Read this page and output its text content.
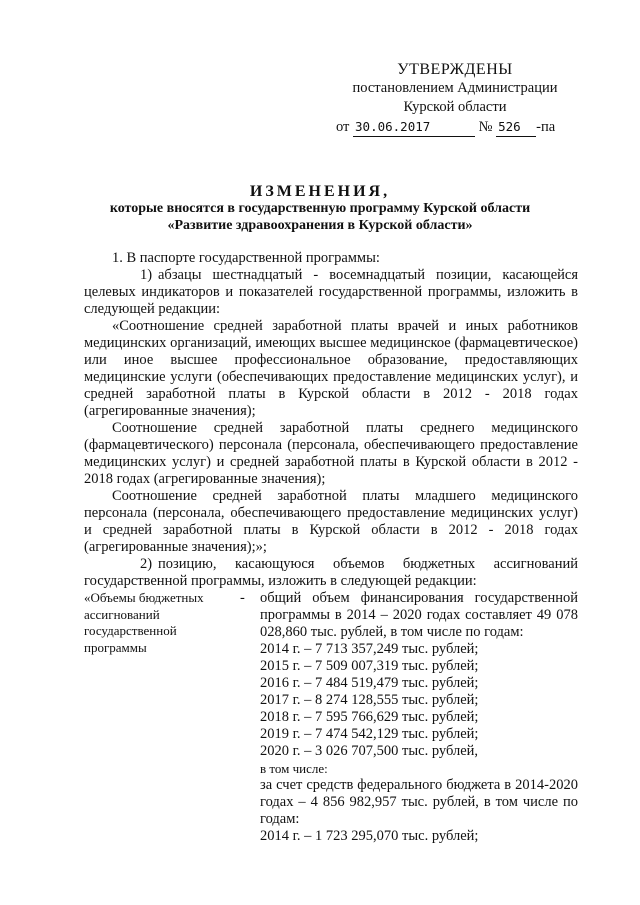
УТВЕРЖДЕНЫ
постановлением Администрации
Курской области
от 30.06.2017	№ 526 -па
ИЗМЕНЕНИЯ,
которые вносятся в государственную программу Курской области
«Развитие здравоохранения в Курской области»

1. В паспорте государственной программы:

1) абзацы шестнадцатый - восемнадцатый позиции, касающейся целевых индикаторов и показателей государственной программы, изложить в следующей редакции:

«Соотношение средней заработной платы врачей и иных работников медицинских организаций, имеющих высшее медицинское (фармацевтическое) или иное высшее профессиональное образование, предоставляющих медицинские услуги (обеспечивающих предоставление медицинских услуг), и средней заработной платы в Курской области в 2012 - 2018 годах (агрегированные значения);

Соотношение средней заработной платы среднего медицинского (фармацевтического) персонала (персонала, обеспечивающего предоставление медицинских услуг) и средней заработной платы в Курской области в 2012 - 2018 годах (агрегированные значения);

Соотношение средней заработной платы младшего медицинского персонала (персонала, обеспечивающего предоставление медицинских услуг) и средней заработной платы в Курской области в 2012 - 2018 годах (агрегированные значения);»;

2) позицию, касающуюся объемов бюджетных ассигнований государственной программы, изложить в следующей редакции:

«Объемы бюджетных
ассигнований
государственной
программы
-	общий объем финансирования государственной программы в 2014 – 2020 годах составляет 49 078 028,860 тыс. рублей, в том числе по годам:

2014 г. – 7 713 357,249 тыс. рублей;

2015 г. – 7 509 007,319 тыс. рублей;

2016 г. – 7 484 519,479 тыс. рублей;

2017 г. – 8 274 128,555 тыс. рублей;

2018 г. – 7 595 766,629 тыс. рублей;

2019 г. – 7 474 542,129 тыс. рублей;

2020 г. – 3 026 707,500 тыс. рублей,

в том числе:

за счет средств федерального бюджета в 2014-2020 годах – 4 856 982,957 тыс. рублей, в том числе по годам:

2014 г. – 1 723 295,070 тыс. рублей;
